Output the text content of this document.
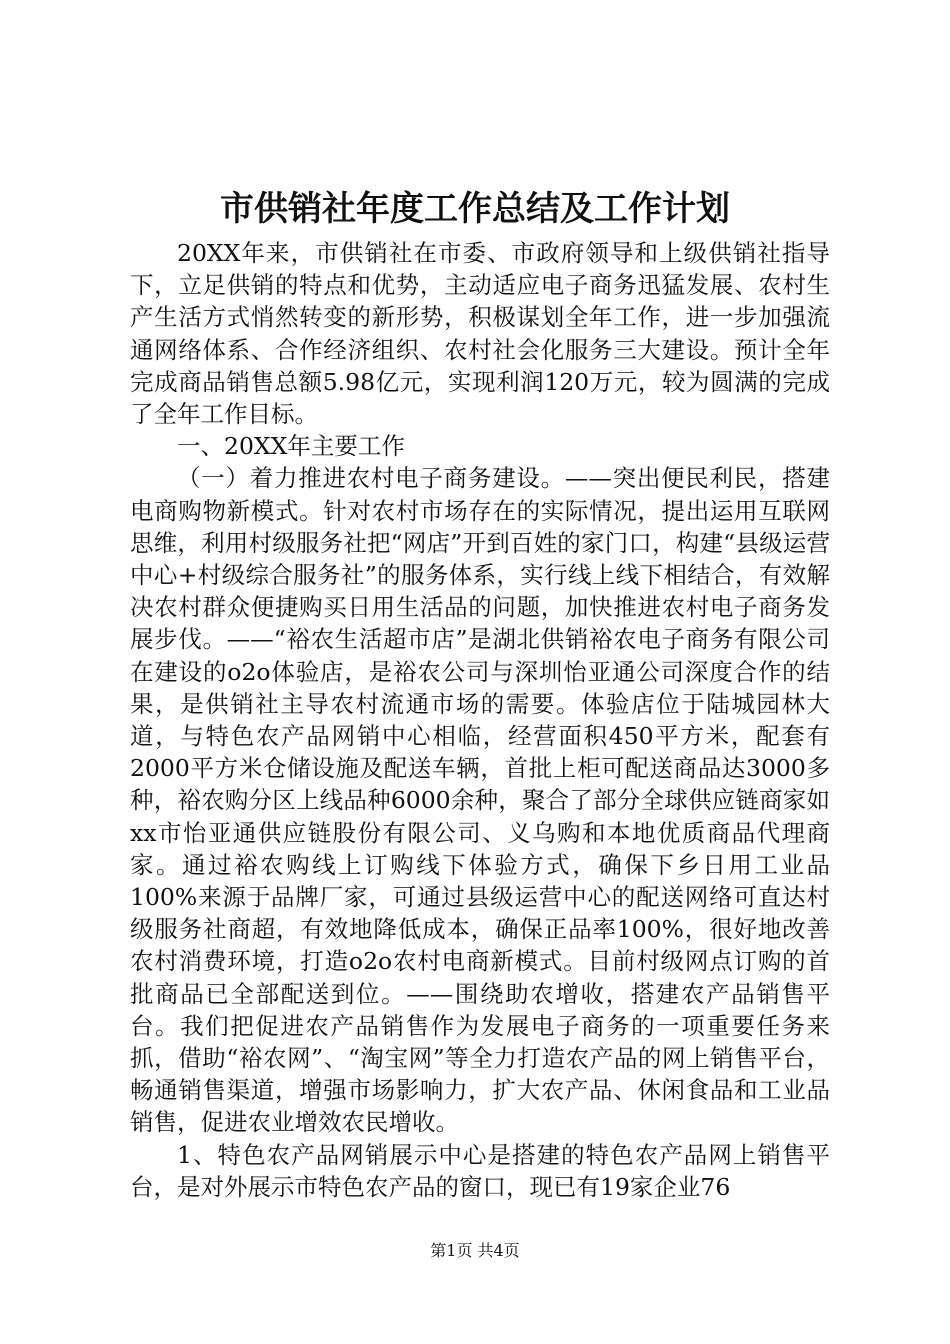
市供销社年度工作总结及工作计划

20XX年来，市供销社在市委、市政府领导和上级供销社指导下，立足供销的特点和优势，主动适应电子商务迅猛发展、农村生产生活方式悄然转变的新形势，积极谋划全年工作，进一步加强流通网络体系、合作经济组织、农村社会化服务三大建设。预计全年完成商品销售总额5.98亿元，实现利润120万元，较为圆满的完成了全年工作目标。

一、20XX年主要工作

（一）着力推进农村电子商务建设。——突出便民利民，搭建电商购物新模式。针对农村市场存在的实际情况，提出运用互联网思维，利用村级服务社把“网店”开到百姓的家门口，构建“县级运营中心+村级综合服务社”的服务体系，实行线上线下相结合，有效解决农村群众便捷购买日用生活品的问题，加快推进农村电子商务发展步伐。——“裕农生活超市店”是湖北供销裕农电子商务有限公司在建设的o2o体验店，是裕农公司与深圳怡亚通公司深度合作的结果，是供销社主导农村流通市场的需要。体验店位于陆城园林大道，与特色农产品网销中心相临，经营面积450平方米，配套有2000平方米仓储设施及配送车辆，首批上柜可配送商品达3000多种，裕农购分区上线品种6000余种，聚合了部分全球供应链商家如xx市怡亚通供应链股份有限公司、义乌购和本地优质商品代理商家。通过裕农购线上订购线下体验方式，确保下乡日用工业品100%来源于品牌厂家，可通过县级运营中心的配送网络可直达村级服务社商超，有效地降低成本，确保正品率100%，很好地改善农村消费环境，打造o2o农村电商新模式。目前村级网点订购的首批商品已全部配送到位。——围绕助农增收，搭建农产品销售平台。我们把促进农产品销售作为发展电子商务的一项重要任务来抓，借助“裕农网”、“淘宝网”等全力打造农产品的网上销售平台，畅通销售渠道，增强市场影响力，扩大农产品、休闲食品和工业品销售，促进农业增效农民增收。

1、特色农产品网销展示中心是搭建的特色农产品网上销售平台，是对外展示市特色农产品的窗口，现已有19家企业76

第1页 共4页
